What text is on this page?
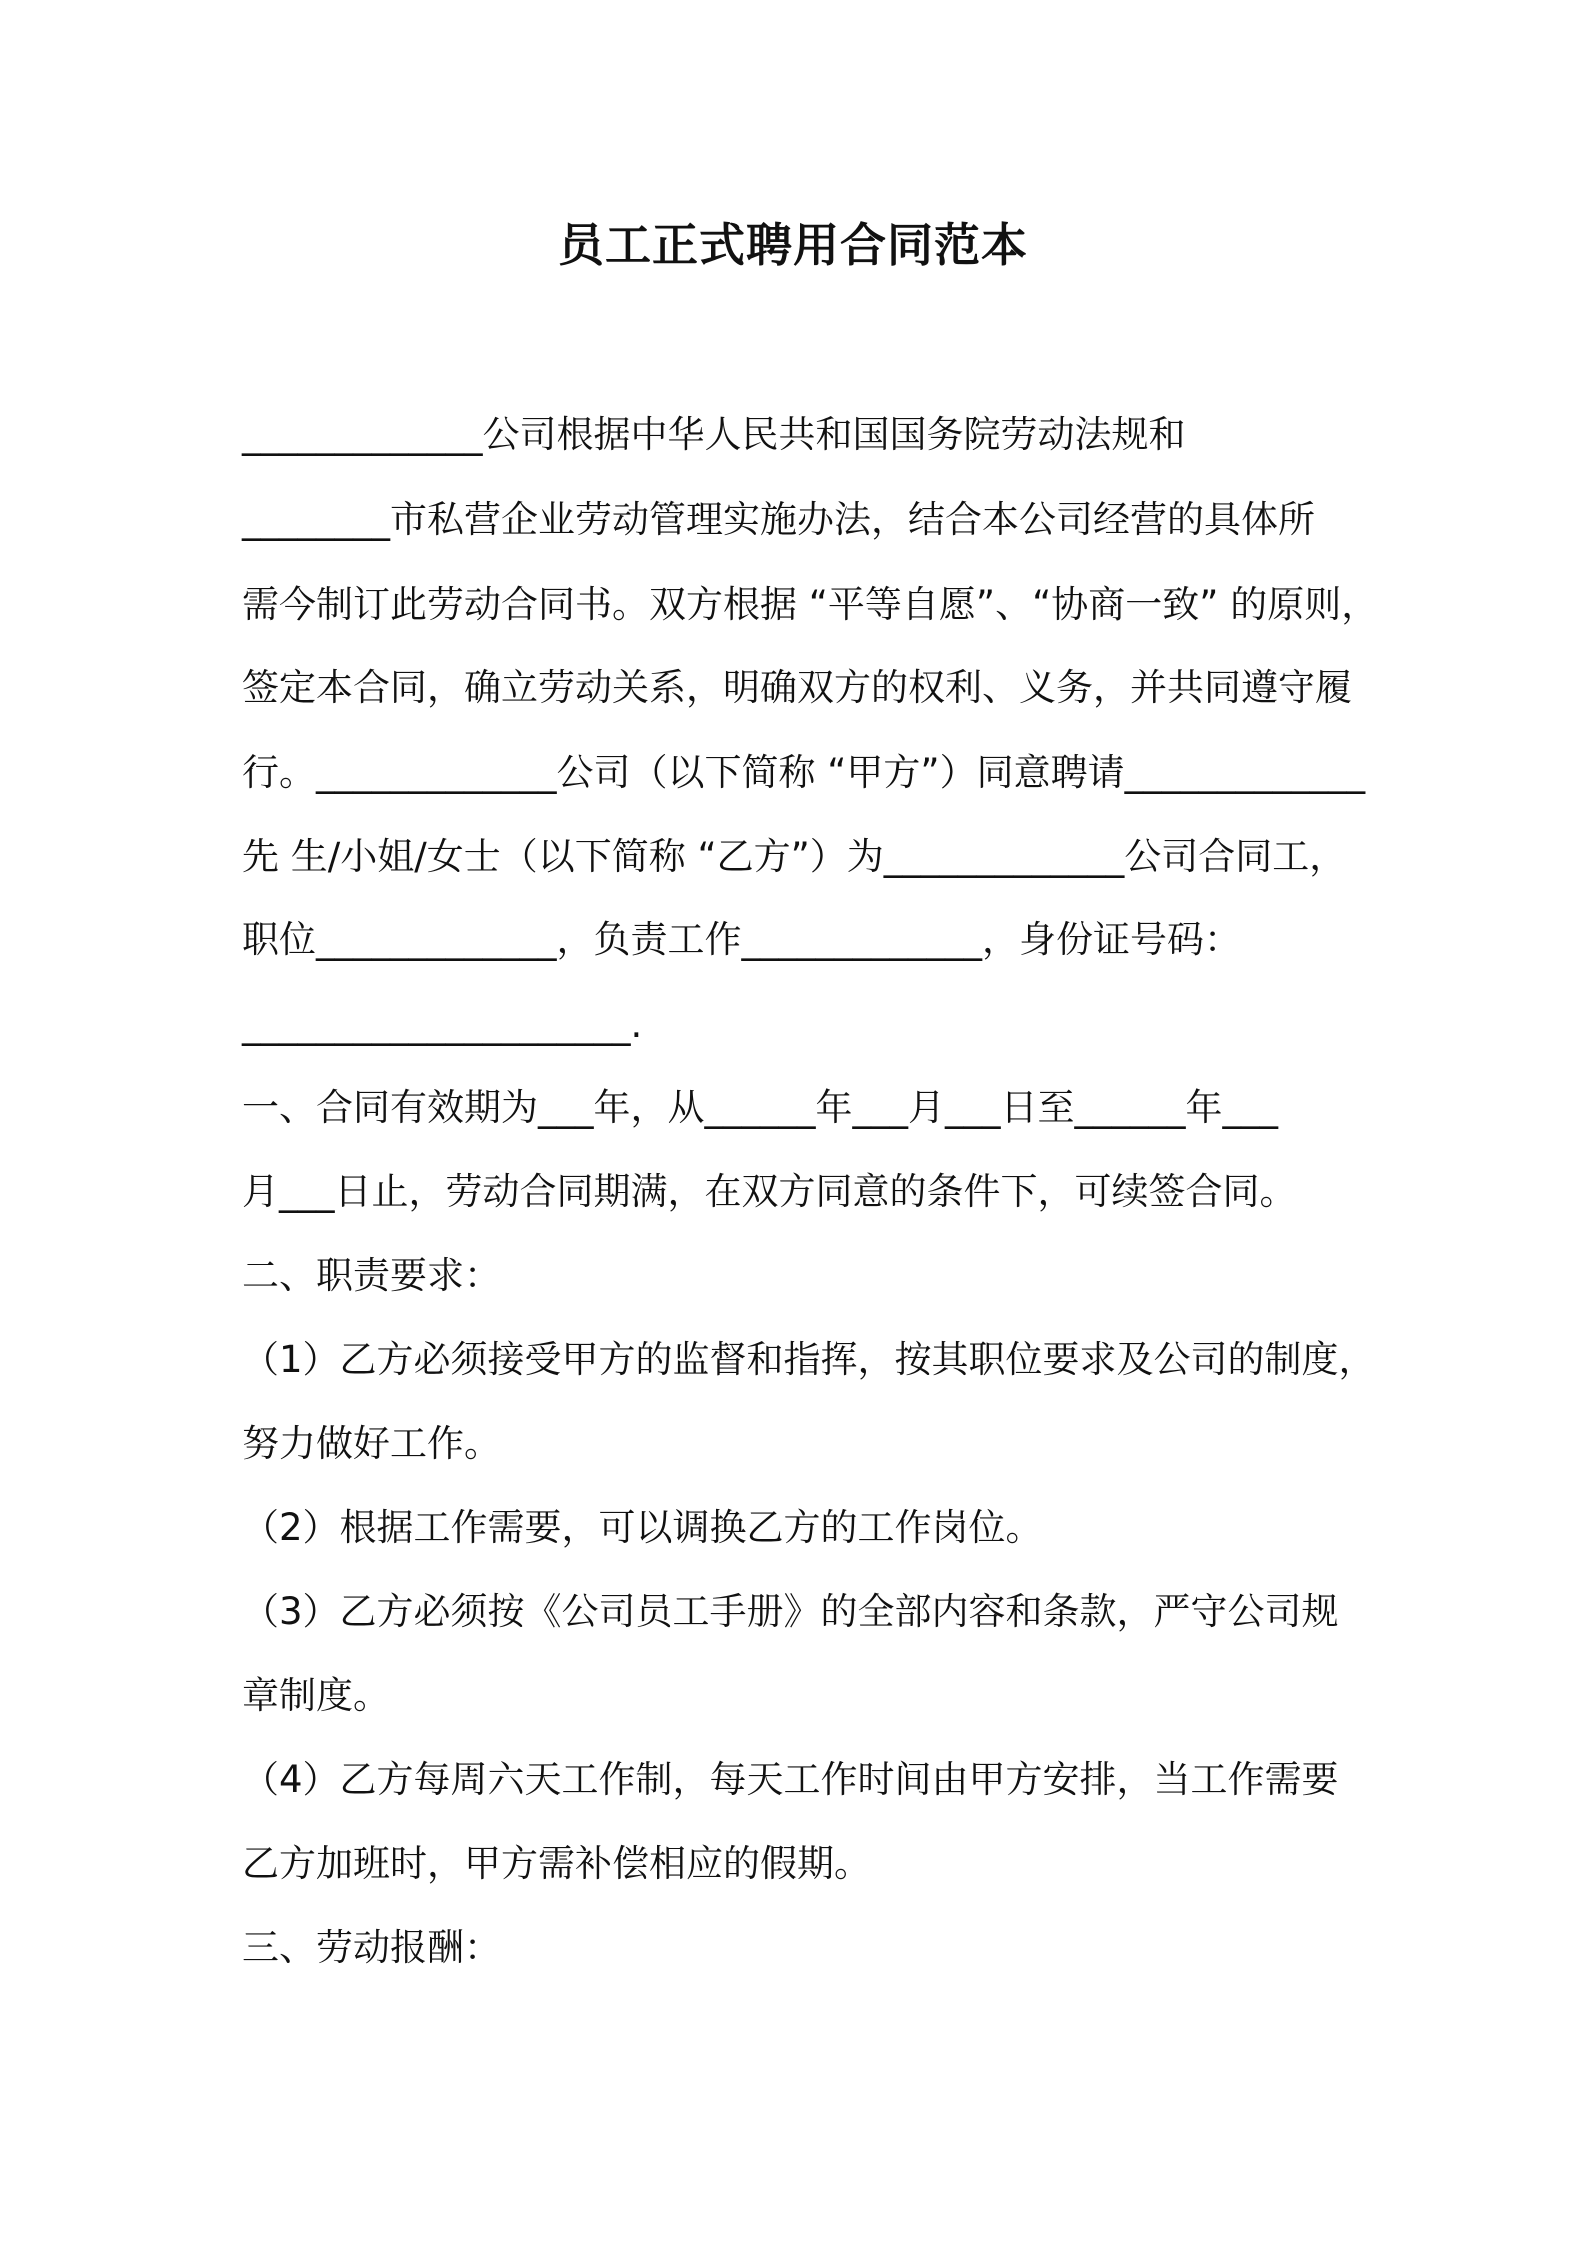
员工正式聘用合同范本
_____________公司根据中华人民共和国国务院劳动法规和
________市私营企业劳动管理实施办法，结合本公司经营的具体所
需今制订此劳动合同书。双方根据 “平等自愿”、“协商一致” 的原则，
签定本合同，确立劳动关系，明确双方的权利、义务，并共同遵守履
行。_____________公司（以下简称 “甲方”）同意聘请_____________
先 生/小姐/女士（以下简称 “乙方”）为_____________公司合同工，
职位_____________，负责工作_____________，身份证号码：
_____________________.
一、合同有效期为___年，从______年___月___日至______年___
月___日止，劳动合同期满，在双方同意的条件下，可续签合同。
二、职责要求：
（1）乙方必须接受甲方的监督和指挥，按其职位要求及公司的制度，
努力做好工作。
（2）根据工作需要，可以调换乙方的工作岗位。
（3）乙方必须按《公司员工手册》的全部内容和条款，严守公司规
章制度。
（4）乙方每周六天工作制，每天工作时间由甲方安排，当工作需要
乙方加班时，甲方需补偿相应的假期。
三、劳动报酬：
